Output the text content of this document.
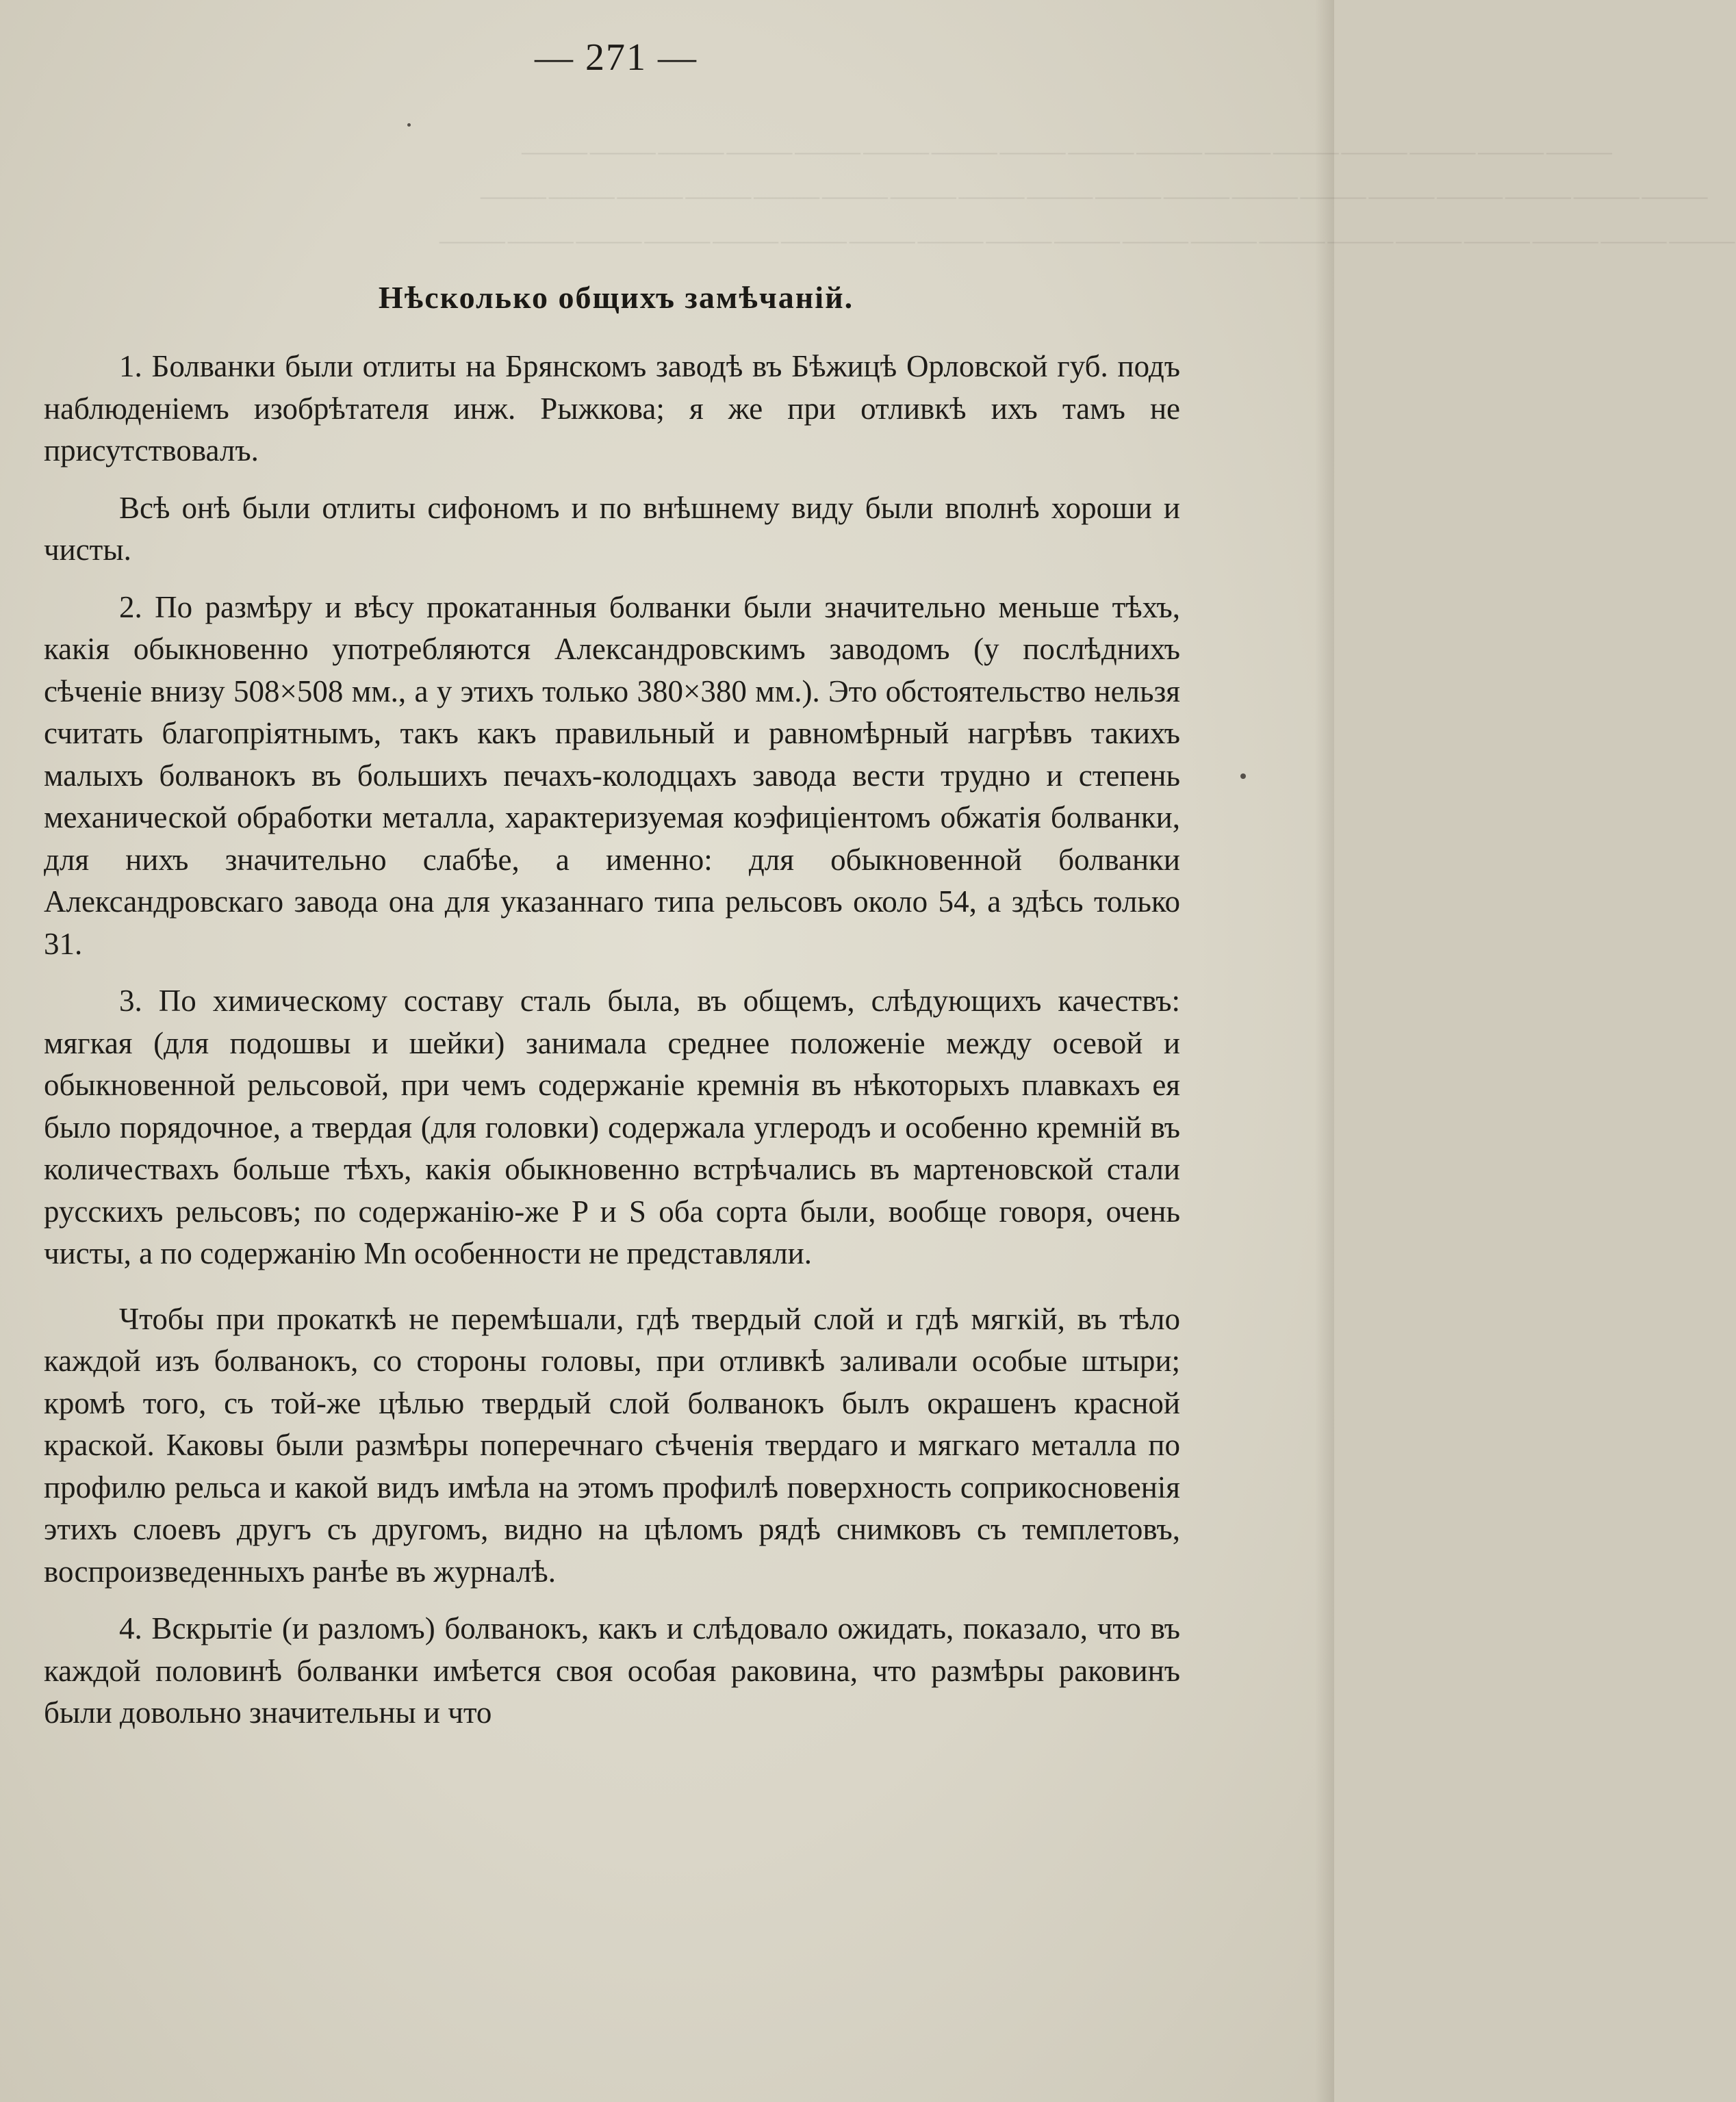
⸻⸻⸻⸻⸻⸻⸻⸻⸻⸻⸻⸻⸻⸻⸻⸻
⸻⸻⸻⸻⸻⸻⸻⸻⸻⸻⸻⸻⸻⸻⸻⸻⸻⸻
⸻⸻⸻⸻⸻⸻⸻⸻⸻⸻⸻⸻⸻⸻⸻⸻⸻⸻⸻
— 271 —
Нѣсколько общихъ замѣчаній.

1. Болванки были отлиты на Брянскомъ заводѣ въ Бѣжицѣ Орловской губ. подъ наблюденіемъ изобрѣтателя инж. Рыжкова; я же при отливкѣ ихъ тамъ не присутствовалъ.

Всѣ онѣ были отлиты сифономъ и по внѣшнему виду были вполнѣ хороши и чисты.

2. По размѣру и вѣсу прокатанныя болванки были значительно меньше тѣхъ, какія обыкновенно употребляются Александровскимъ заводомъ (у послѣднихъ сѣченіе внизу 508×508 мм., а у этихъ только 380×380 мм.). Это обстоятельство нельзя считать благопріятнымъ, такъ какъ правильный и равномѣрный нагрѣвъ такихъ малыхъ болванокъ въ большихъ печахъ-колодцахъ завода вести трудно и степень механической обработки металла, характеризуемая коэфиціентомъ обжатія болванки, для нихъ значительно слабѣе, а именно: для обыкновенной болванки Александровскаго завода она для указаннаго типа рельсовъ около 54, а здѣсь только 31.

3. По химическому составу сталь была, въ общемъ, слѣдующихъ качествъ: мягкая (для подошвы и шейки) занимала среднее положеніе между осевой и обыкновенной рельсовой, при чемъ содержаніе кремнія въ нѣкоторыхъ плавкахъ ея было порядочное, а твердая (для головки) содержала углеродъ и особенно кремній въ количествахъ больше тѣхъ, какія обыкновенно встрѣчались въ мартеновской стали русскихъ рельсовъ; по содержанію-же P и S оба сорта были, вообще говоря, очень чисты, а по содержанію Mn особенности не представляли.

Чтобы при прокаткѣ не перемѣшали, гдѣ твердый слой и гдѣ мягкій, въ тѣло каждой изъ болванокъ, со стороны головы, при отливкѣ заливали особые штыри; кромѣ того, съ той-же цѣлью твердый слой болванокъ былъ окрашенъ красной краской. Каковы были размѣры поперечнаго сѣченія твердаго и мягкаго металла по профилю рельса и какой видъ имѣла на этомъ профилѣ поверхность соприкосновенія этихъ слоевъ другъ съ другомъ, видно на цѣломъ рядѣ снимковъ съ темплетовъ, воспроизведенныхъ ранѣе въ журналѣ.

4. Вскрытіе (и разломъ) болванокъ, какъ и слѣдовало ожидать, показало, что въ каждой половинѣ болванки имѣется своя особая раковина, что размѣры раковинъ были довольно значительны и что
